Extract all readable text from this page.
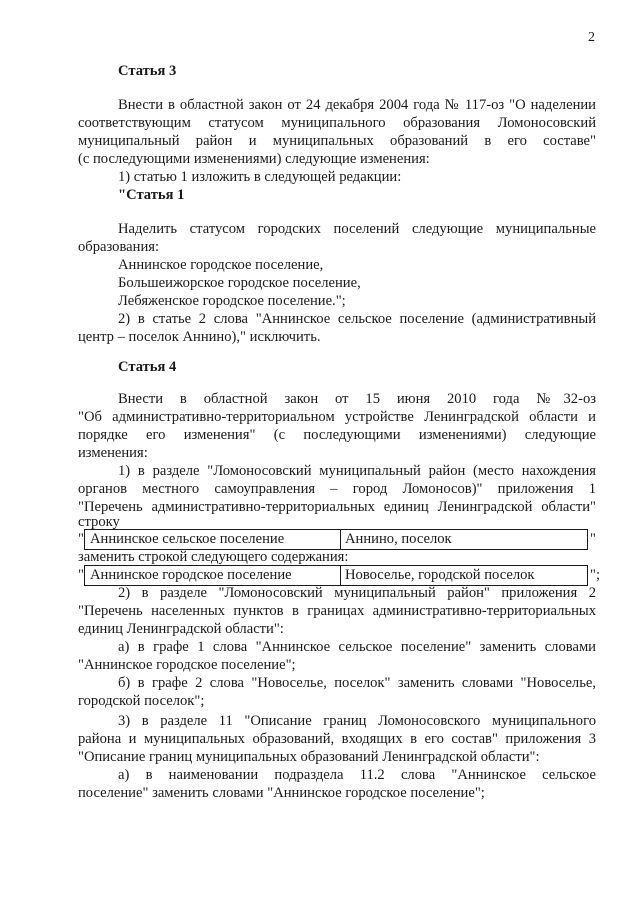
2
Статья 3
Внести в областной закон от 24 декабря 2004 года № 117-оз "О наделении
соответствующим статусом муниципального образования Ломоносовский
муниципальный район и муниципальных образований в его составе"
(с последующими изменениями) следующие изменения:
1) статью 1 изложить в следующей редакции:
"Статья 1
Наделить статусом городских поселений следующие муниципальные
образования:
Аннинское городское поселение,
Большеижорское городское поселение,
Лебяженское городское поселение.";
2) в статье 2 слова "Аннинское сельское поселение (административный
центр – поселок Аннино)," исключить.
Статья 4
Внести в областной закон от 15 июня 2010 года №32-оз
"Об административно-территориальном устройстве Ленинградской области и
порядке его изменения" (с последующими изменениями) следующие
изменения:
1) в разделе "Ломоносовский муниципальный район (место нахождения
органов местного самоуправления – город Ломоносов)" приложения 1
"Перечень административно-территориальных единиц Ленинградской области"
строку
" Аннинское сельское поселение	Аннино, поселок	"
заменить строкой следующего содержания:
" Аннинское городское поселение	Новоселье, городской поселок	";
2) в разделе "Ломоносовский муниципальный район" приложения 2
"Перечень населенных пунктов в границах административно-территориальных
единиц Ленинградской области":
а) в графе 1 слова "Аннинское сельское поселение" заменить словами
"Аннинское городское поселение";
б) в графе 2 слова "Новоселье, поселок" заменить словами "Новоселье,
городской поселок";
3) в разделе 11 "Описание границ Ломоносовского муниципального
района и муниципальных образований, входящих в его состав" приложения 3
"Описание границ муниципальных образований Ленинградской области":
а) в наименовании подраздела 11.2 слова "Аннинское сельское
поселение" заменить словами "Аннинское городское поселение";
